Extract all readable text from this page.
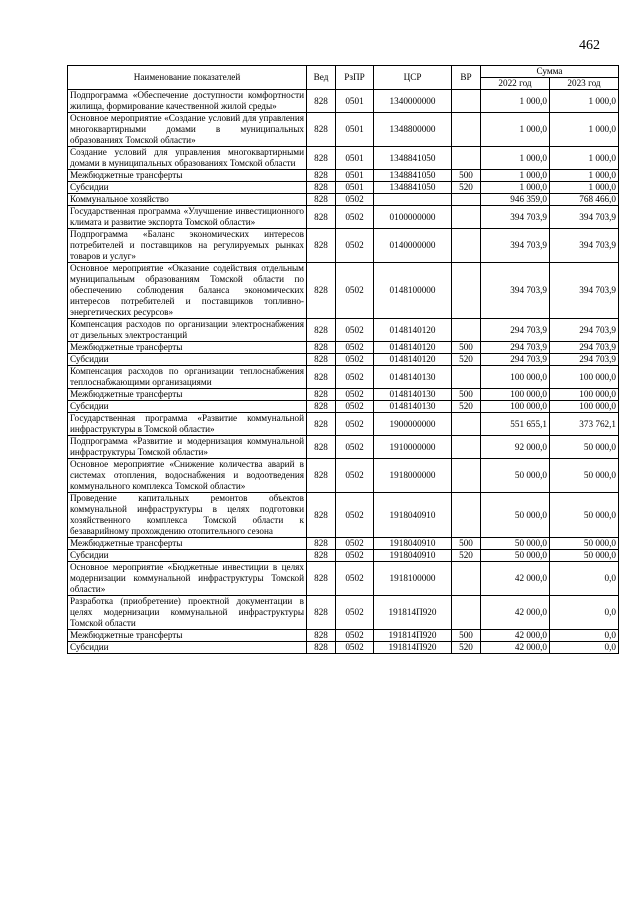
462
Наименование показателей	Вед	РзПР	ЦСР	ВР	Сумма	
					2022 год	2023 год
Подпрограмма «Обеспечение доступности комфортности жилища, формирование качественной жилой среды»	828	0501	1340000000		1 000,0	1 000,0
Основное мероприятие «Создание условий для управления многоквартирными домами в муниципальных образованиях Томской области»	828	0501	1348800000		1 000,0	1 000,0
Создание условий для управления многоквартирными домами в муниципальных образованиях Томской области	828	0501	1348841050		1 000,0	1 000,0
Межбюджетные трансферты	828	0501	1348841050	500	1 000,0	1 000,0
Субсидии	828	0501	1348841050	520	1 000,0	1 000,0
Коммунальное хозяйство	828	0502			946 359,0	768 466,0
Государственная программа «Улучшение инвестиционного климата и развитие экспорта Томской области»	828	0502	0100000000		394 703,9	394 703,9
Подпрограмма «Баланс экономических интересов потребителей и поставщиков на регулируемых рынках товаров и услуг»	828	0502	0140000000		394 703,9	394 703,9
Основное мероприятие «Оказание содействия отдельным муниципальным образованиям Томской области по обеспечению соблюдения баланса экономических интересов потребителей и поставщиков топливно-энергетических ресурсов»	828	0502	0148100000		394 703,9	394 703,9
Компенсация расходов по организации электроснабжения от дизельных электростанций	828	0502	0148140120		294 703,9	294 703,9
Межбюджетные трансферты	828	0502	0148140120	500	294 703,9	294 703,9
Субсидии	828	0502	0148140120	520	294 703,9	294 703,9
Компенсация расходов по организации теплоснабжения теплоснабжающими организациями	828	0502	0148140130		100 000,0	100 000,0
Межбюджетные трансферты	828	0502	0148140130	500	100 000,0	100 000,0
Субсидии	828	0502	0148140130	520	100 000,0	100 000,0
Государственная программа «Развитие коммунальной инфраструктуры в Томской области»	828	0502	1900000000		551 655,1	373 762,1
Подпрограмма «Развитие и модернизация коммунальной инфраструктуры Томской области»	828	0502	1910000000		92 000,0	50 000,0
Основное мероприятие «Снижение количества аварий в системах отопления, водоснабжения и водоотведения коммунального комплекса Томской области»	828	0502	1918000000		50 000,0	50 000,0
Проведение капитальных ремонтов объектов коммунальной инфраструктуры в целях подготовки хозяйственного комплекса Томской области к безаварийному прохождению отопительного сезона	828	0502	1918040910		50 000,0	50 000,0
Межбюджетные трансферты	828	0502	1918040910	500	50 000,0	50 000,0
Субсидии	828	0502	1918040910	520	50 000,0	50 000,0
Основное мероприятие «Бюджетные инвестиции в целях модернизации коммунальной инфраструктуры Томской области»	828	0502	1918100000		42 000,0	0,0
Разработка (приобретение) проектной документации в целях модернизации коммунальной инфраструктуры Томской области	828	0502	191814П920		42 000,0	0,0
Межбюджетные трансферты	828	0502	191814П920	500	42 000,0	0,0
Субсидии	828	0502	191814П920	520	42 000,0	0,0
